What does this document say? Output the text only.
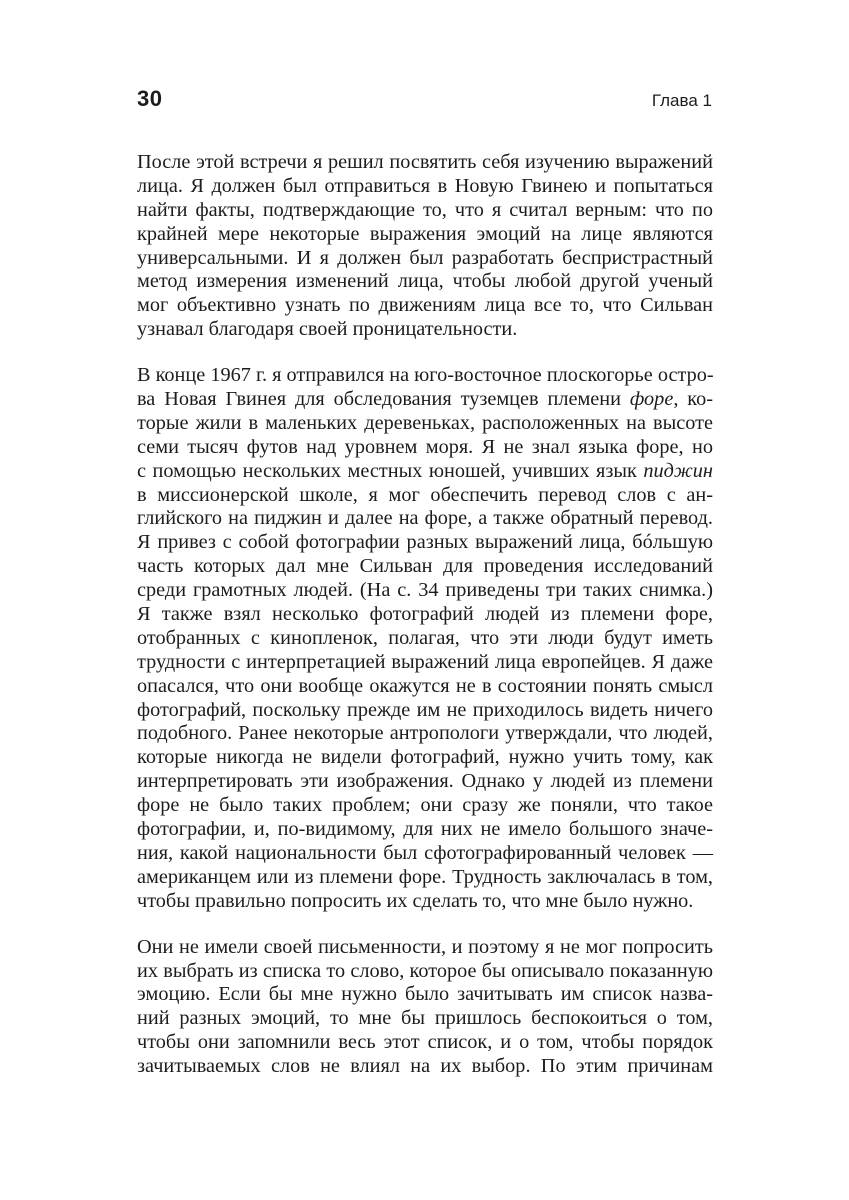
30	Глава 1

После этой встречи я решил посвятить себя изучению выражений
лица. Я должен был отправиться в Новую Гвинею и попытаться
найти факты, подтверждающие то, что я считал верным: что по
крайней мере некоторые выражения эмоций на лице являются
универсальными. И я должен был разработать беспристрастный
метод измерения изменений лица, чтобы любой другой ученый
мог объективно узнать по движениям лица все то, что Сильван
узнавал благодаря своей проницательности.

В конце 1967 г. я отправился на юго-восточное плоскогорье остро-
ва Новая Гвинея для обследования туземцев племени форе, ко-
торые жили в маленьких деревеньках, расположенных на высоте
семи тысяч футов над уровнем моря. Я не знал языка форе, но
с помощью нескольких местных юношей, учивших язык пиджин
в миссионерской школе, я мог обеспечить перевод слов с ан-
глийского на пиджин и далее на форе, а также обратный перевод.
Я привез с собой фотографии разных выражений лица, бóльшую
часть которых дал мне Сильван для проведения исследований
среди грамотных людей. (На с. 34 приведены три таких снимка.)
Я также взял несколько фотографий людей из племени форе,
отобранных с кинопленок, полагая, что эти люди будут иметь
трудности с интерпретацией выражений лица европейцев. Я даже
опасался, что они вообще окажутся не в состоянии понять смысл
фотографий, поскольку прежде им не приходилось видеть ничего
подобного. Ранее некоторые антропологи утверждали, что людей,
которые никогда не видели фотографий, нужно учить тому, как
интерпретировать эти изображения. Однако у людей из племени
форе не было таких проблем; они сразу же поняли, что такое
фотографии, и, по-видимому, для них не имело большого значе-
ния, какой национальности был сфотографированный человек —
американцем или из племени форе. Трудность заключалась в том,
чтобы правильно попросить их сделать то, что мне было нужно.

Они не имели своей письменности, и поэтому я не мог попросить
их выбрать из списка то слово, которое бы описывало показанную
эмоцию. Если бы мне нужно было зачитывать им список назва-
ний разных эмоций, то мне бы пришлось беспокоиться о том,
чтобы они запомнили весь этот список, и о том, чтобы порядок
зачитываемых слов не влиял на их выбор. По этим причинам
